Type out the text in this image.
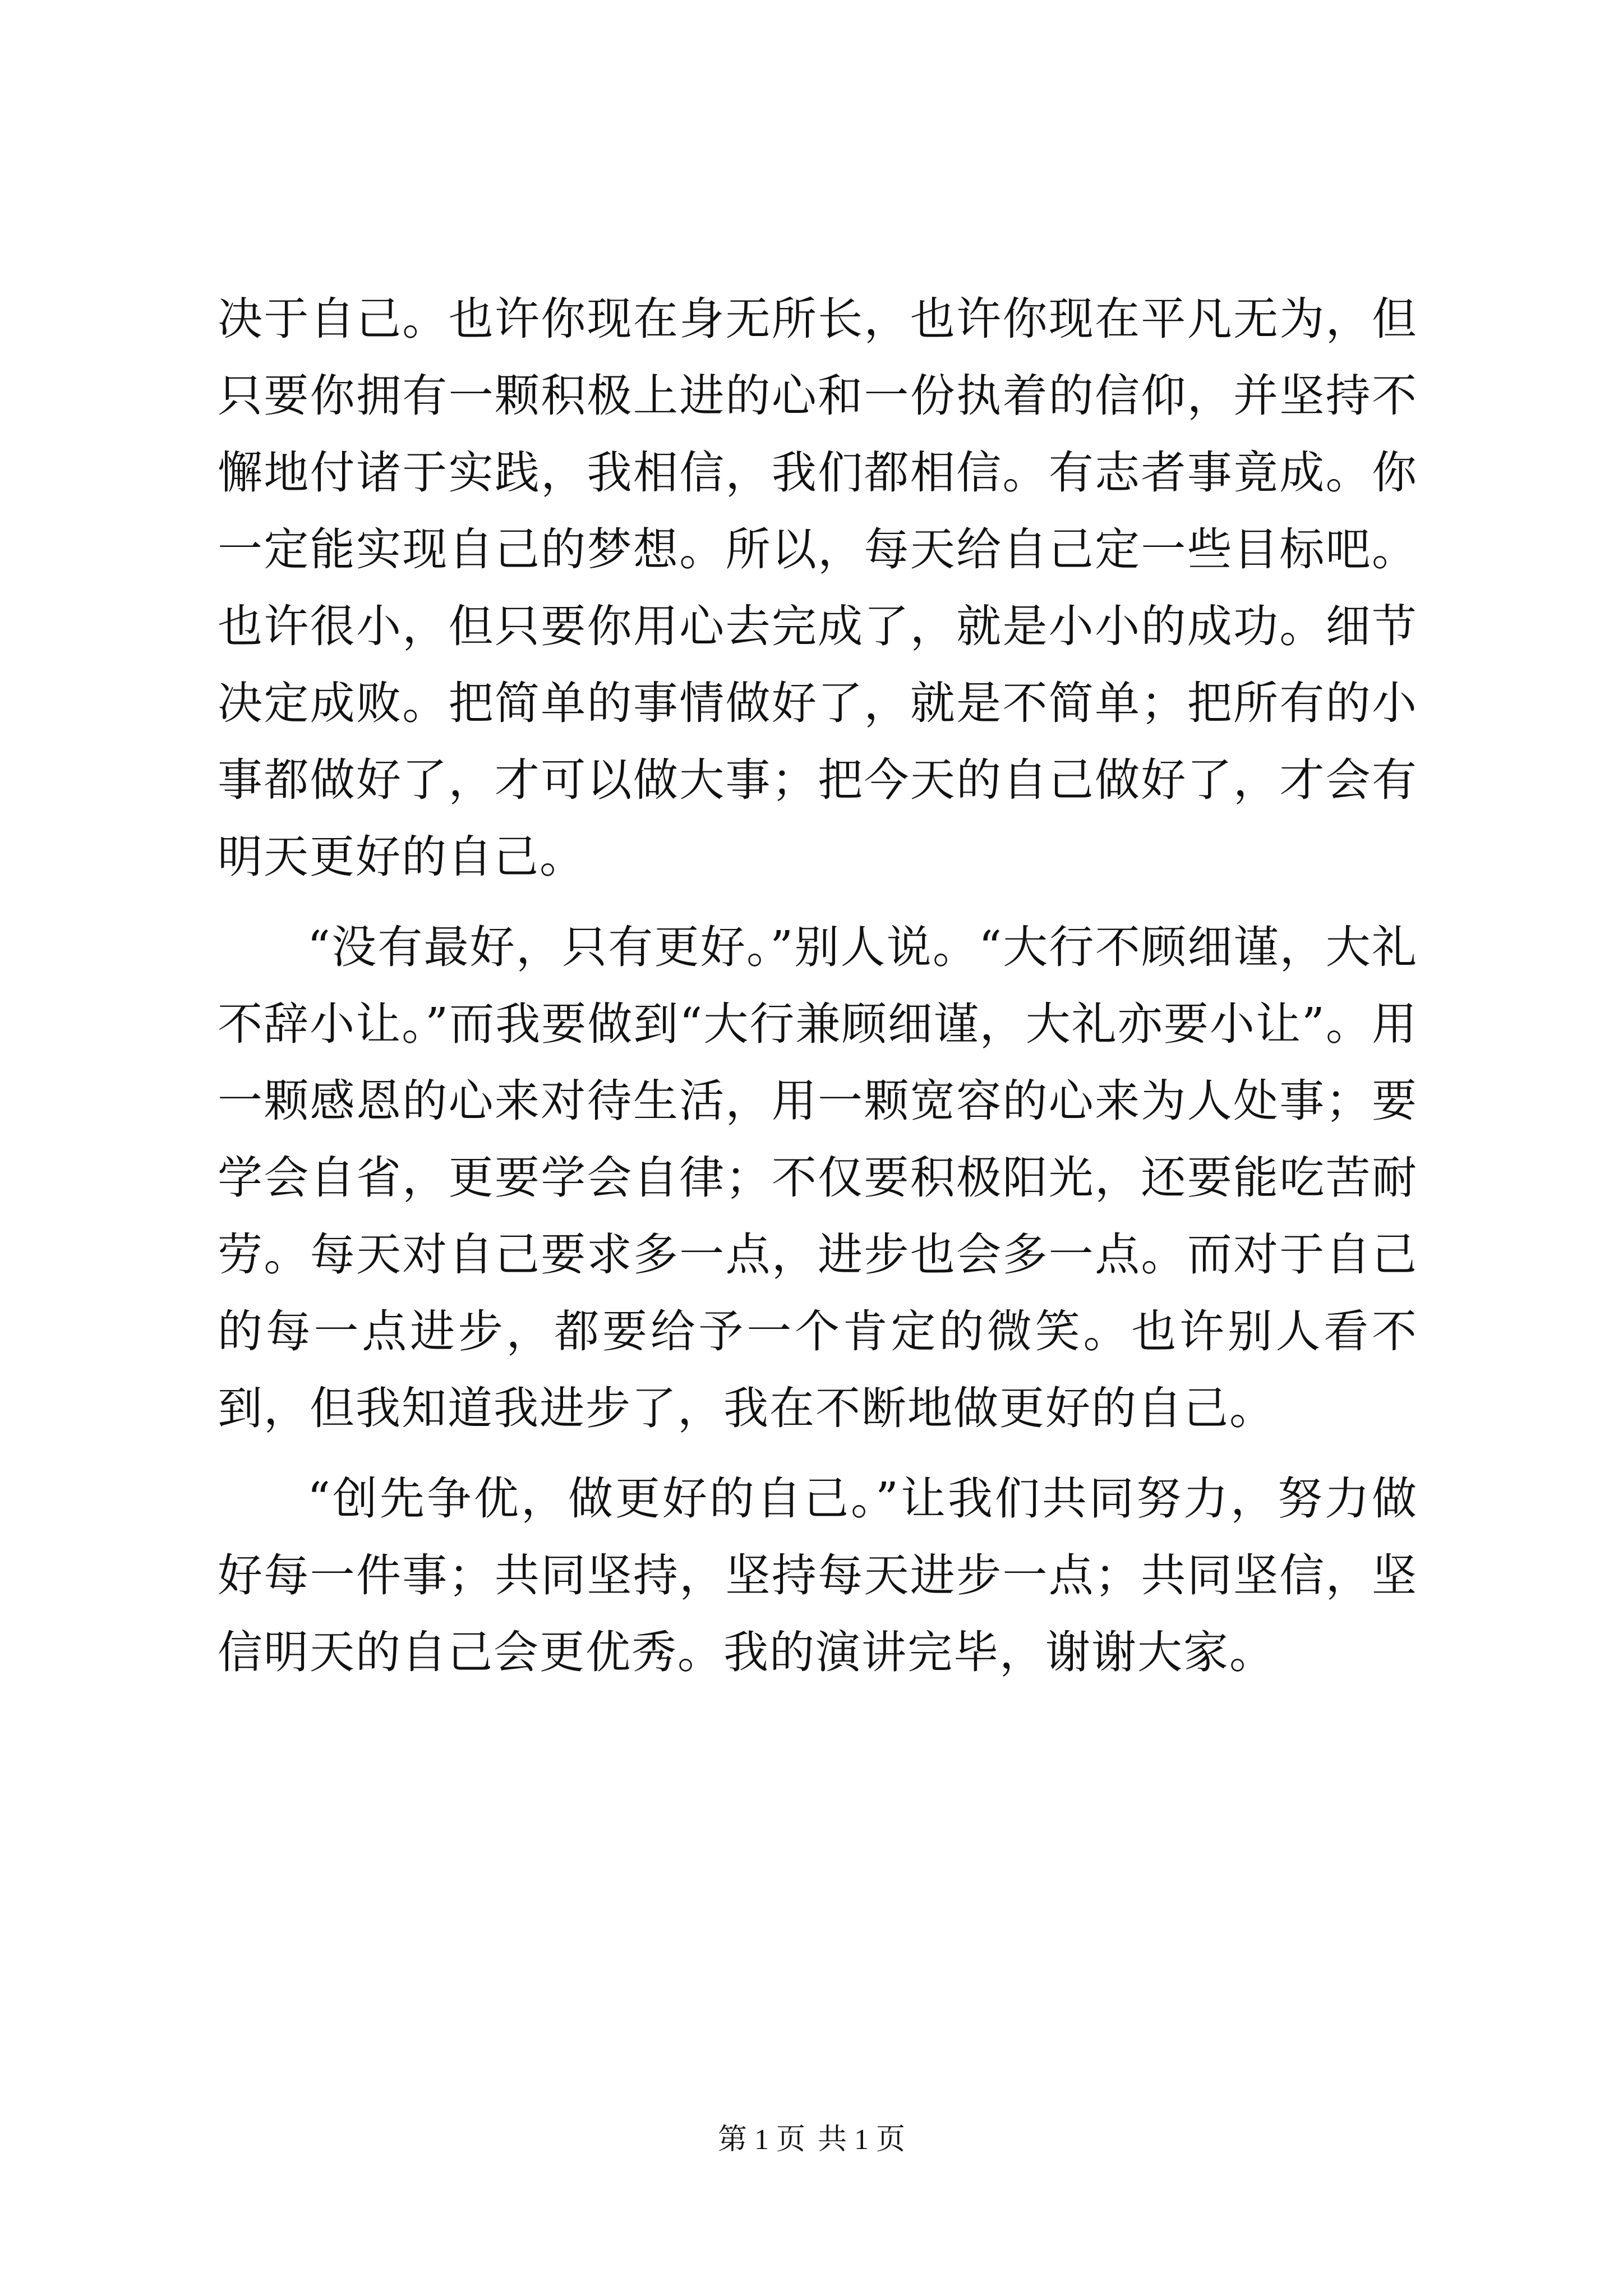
决于自己。也许你现在身无所长，也许你现在平凡无为，但只要你拥有一颗积极上进的心和一份执着的信仰，并坚持不懈地付诸于实践，我相信，我们都相信。有志者事竟成。你一定能实现自己的梦想。所以，每天给自己定一些目标吧。也许很小，但只要你用心去完成了，就是小小的成功。细节决定成败。把简单的事情做好了，就是不简单；把所有的小事都做好了，才可以做大事；把今天的自己做好了，才会有明天更好的自己。

“没有最好，只有更好。”别人说。“大行不顾细谨，大礼不辞小让。”而我要做到“大行兼顾细谨，大礼亦要小让”。用一颗感恩的心来对待生活，用一颗宽容的心来为人处事；要学会自省，更要学会自律；不仅要积极阳光，还要能吃苦耐劳。每天对自己要求多一点，进步也会多一点。而对于自己的每一点进步，都要给予一个肯定的微笑。也许别人看不到，但我知道我进步了，我在不断地做更好的自己。

“创先争优，做更好的自己。”让我们共同努力，努力做好每一件事；共同坚持，坚持每天进步一点；共同坚信，坚信明天的自己会更优秀。我的演讲完毕，谢谢大家。

第 1 页 共 1 页
